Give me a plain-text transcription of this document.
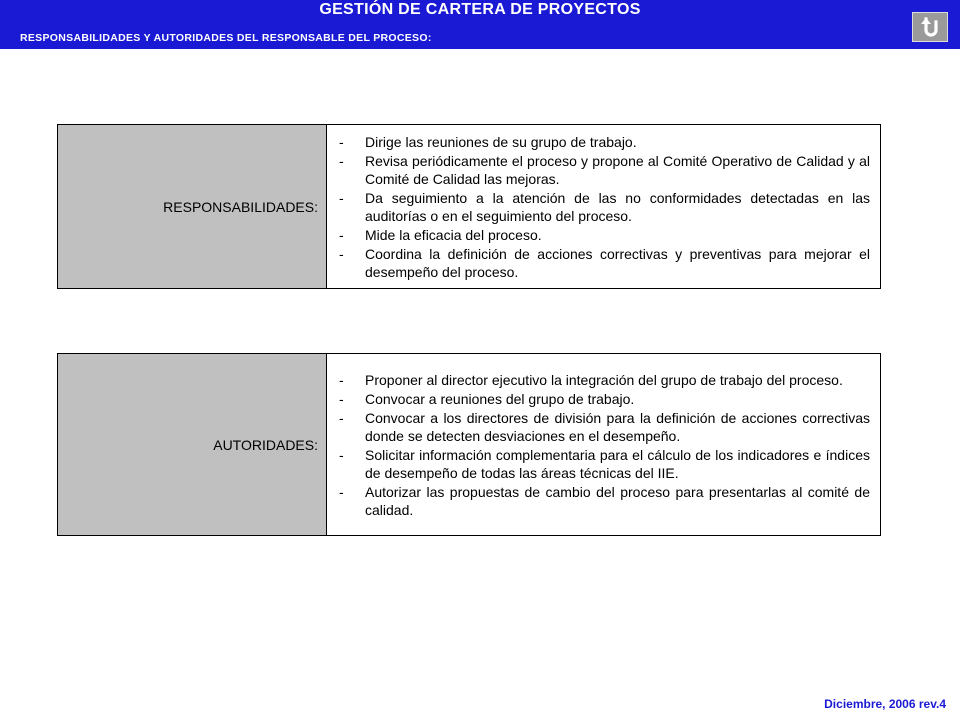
GESTIÓN DE CARTERA DE PROYECTOS
RESPONSABILIDADES Y AUTORIDADES DEL RESPONSABLE DEL PROCESO:
RESPONSABILIDADES:	
- Dirige las reuniones de su grupo de trabajo.
- Revisa periódicamente el proceso y propone al Comité Operativo de Calidad y al Comité de Calidad las mejoras.
- Da seguimiento a la atención de las no conformidades detectadas en las auditorías o en el seguimiento del proceso.
- Mide la eficacia del proceso.
- Coordina la definición de acciones correctivas y preventivas para mejorar el desempeño del proceso.
AUTORIDADES:	
- Proponer al director ejecutivo la integración del grupo de trabajo del proceso.
- Convocar a reuniones del grupo de trabajo.
- Convocar a los directores de división para la definición de acciones correctivas donde se detecten desviaciones en el desempeño.
- Solicitar información complementaria para el cálculo de los indicadores e índices de desempeño de todas las áreas técnicas del IIE.
- Autorizar las propuestas de cambio del proceso para presentarlas al comité de calidad.
Diciembre, 2006 rev.4
